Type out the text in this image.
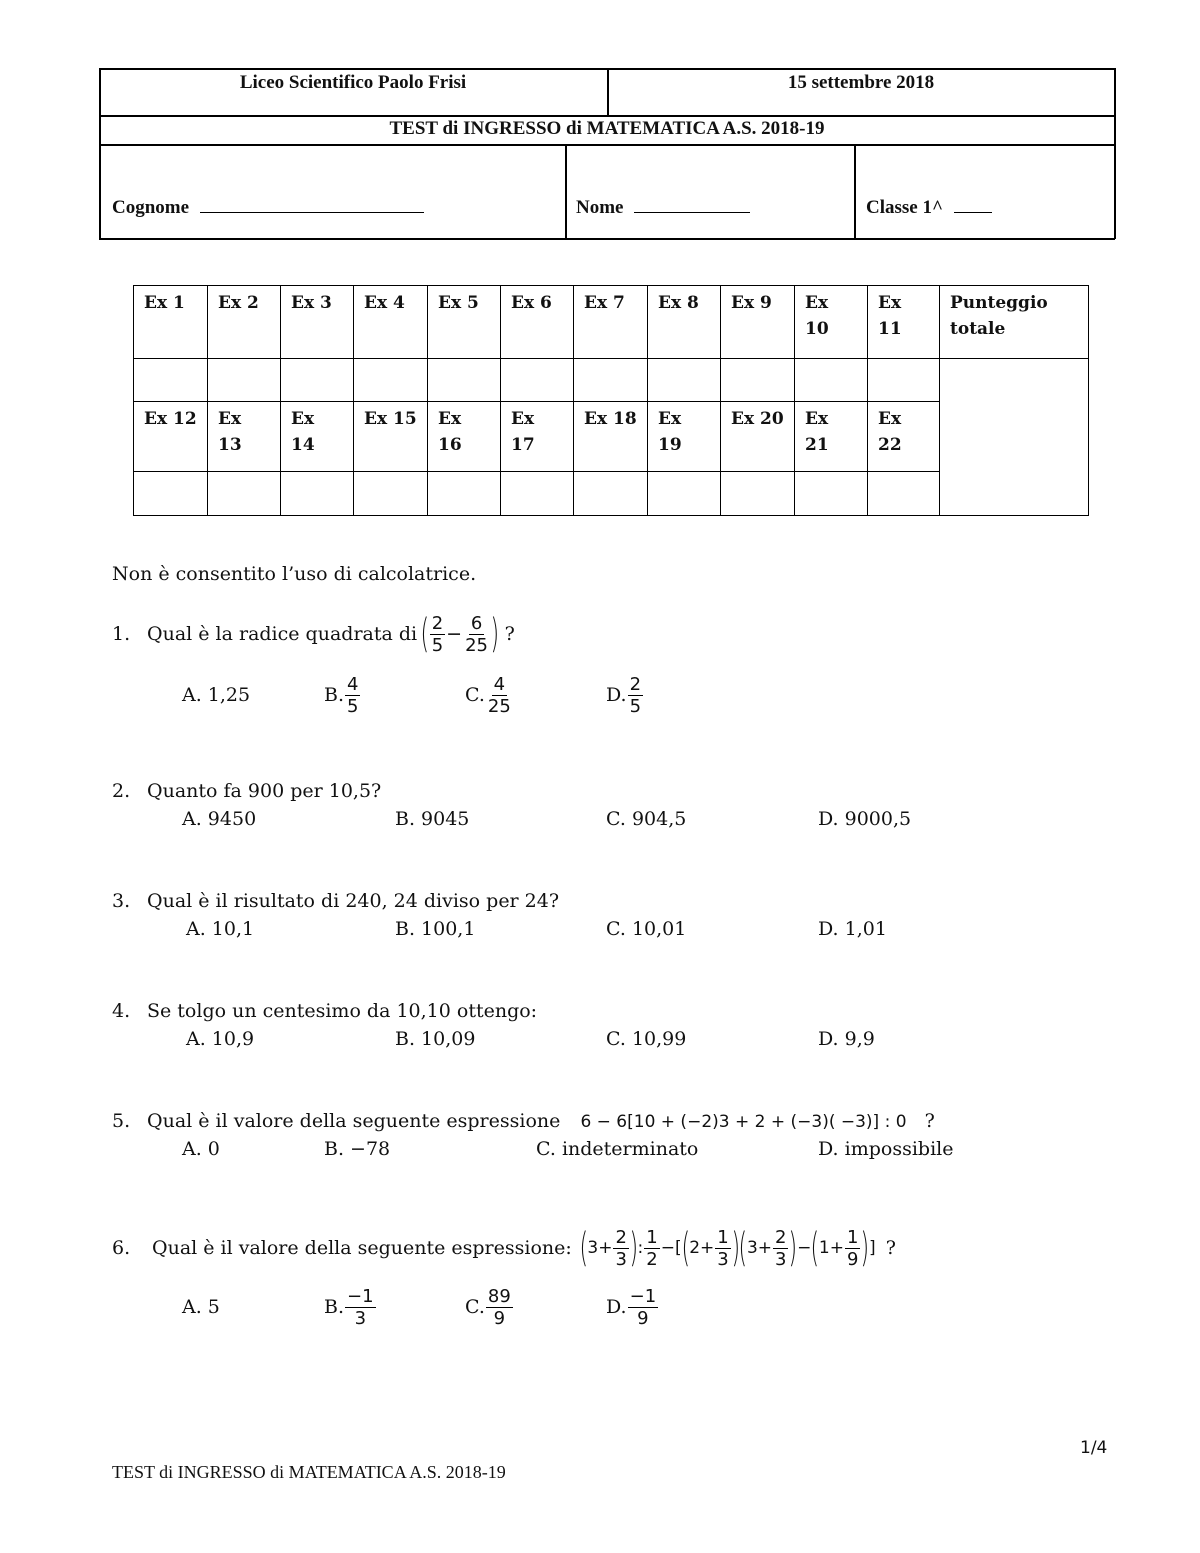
Liceo Scientifico Paolo Frisi	15 settembre 2018
TEST di INGRESSO di MATEMATICA A.S. 2018-19
Cognome	Nome	Classe 1^
Ex 1	Ex 2	Ex 3	Ex 4	Ex 5	Ex 6	Ex 7	Ex 8	Ex 9	Ex 10	Ex 11	Punteggio totale

Ex 12	Ex 13	Ex 14	Ex 15	Ex 16	Ex 17	Ex 18	Ex 19	Ex 20	Ex 21	Ex 22	

Non è consentito l’uso di calcolatrice.
1. Qual è la radice quadrata di ( $\frac{2}{5} - \frac{6}{25}$ ) ?
A. 1,25	B. $\frac{4}{5}$	C. $\frac{4}{25}$	D. $\frac{2}{5}$
2. Quanto fa 900 per 10,5?
A. 9450	B. 9045	C. 904,5	D. 9000,5
3. Qual è il risultato di 240, 24 diviso per 24?
A. 10,1	B. 100,1	C. 10,01	D. 1,01
4. Se tolgo un centesimo da 10,10 ottengo:
A. 10,9	B. 10,09	C. 10,99	D. 9,9
5. Qual è il valore della seguente espressione 6 − 6[10 + (−2)3 + 2 + (−3)( −3)] : 0 ?
A. 0	B. −78	C. indeterminato	D. impossibile
6.	Qual è il valore della seguente espressione: ( $3+ \frac{2}{3}$ ) : $\frac{1}{2}$ −[ ( $2+ \frac{1}{3}$ ) ( $3+ \frac{2}{3}$ ) − ( $1+ \frac{1}{9}$ ) ] ?
A. 5	B. $\frac{-1}{3}$	C. $\frac{89}{9}$	D. $\frac{-1}{9}$
1/4
TEST di INGRESSO di MATEMATICA A.S. 2018-19
